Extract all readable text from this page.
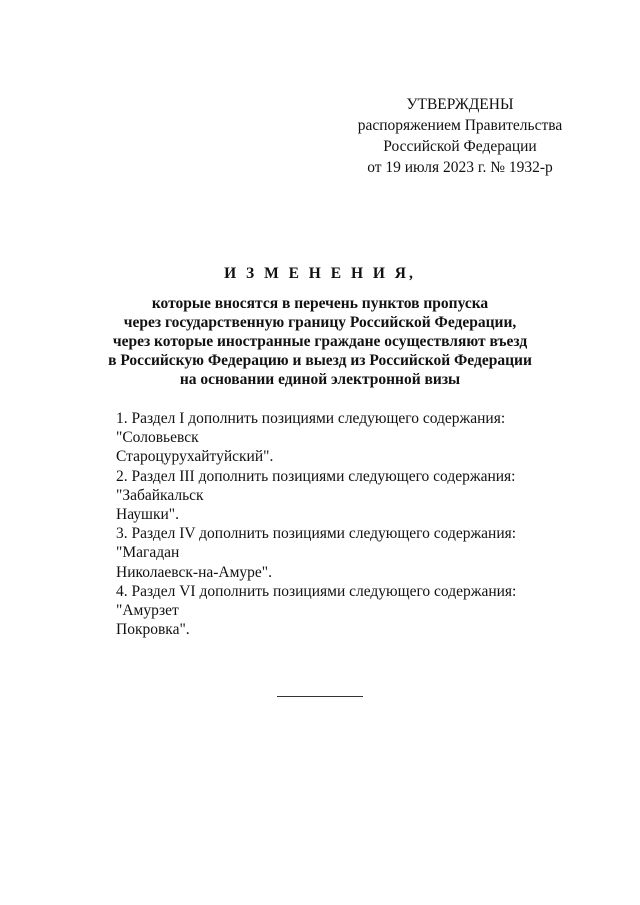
УТВЕРЖДЕНЫ
распоряжением Правительства
Российской Федерации
от 19 июля 2023 г. № 1932-р
И З М Е Н Е Н И Я,
которые вносятся в перечень пунктов пропуска
через государственную границу Российской Федерации,
через которые иностранные граждане осуществляют въезд
в Российскую Федерацию и выезд из Российской Федерации
на основании единой электронной визы
1. Раздел I дополнить позициями следующего содержания:
"Соловьевск
Староцурухайтуйский".
2. Раздел III дополнить позициями следующего содержания:
"Забайкальск
Наушки".
3. Раздел IV дополнить позициями следующего содержания:
"Магадан
Николаевск-на-Амуре".
4. Раздел VI дополнить позициями следующего содержания:
"Амурзет
Покровка".
